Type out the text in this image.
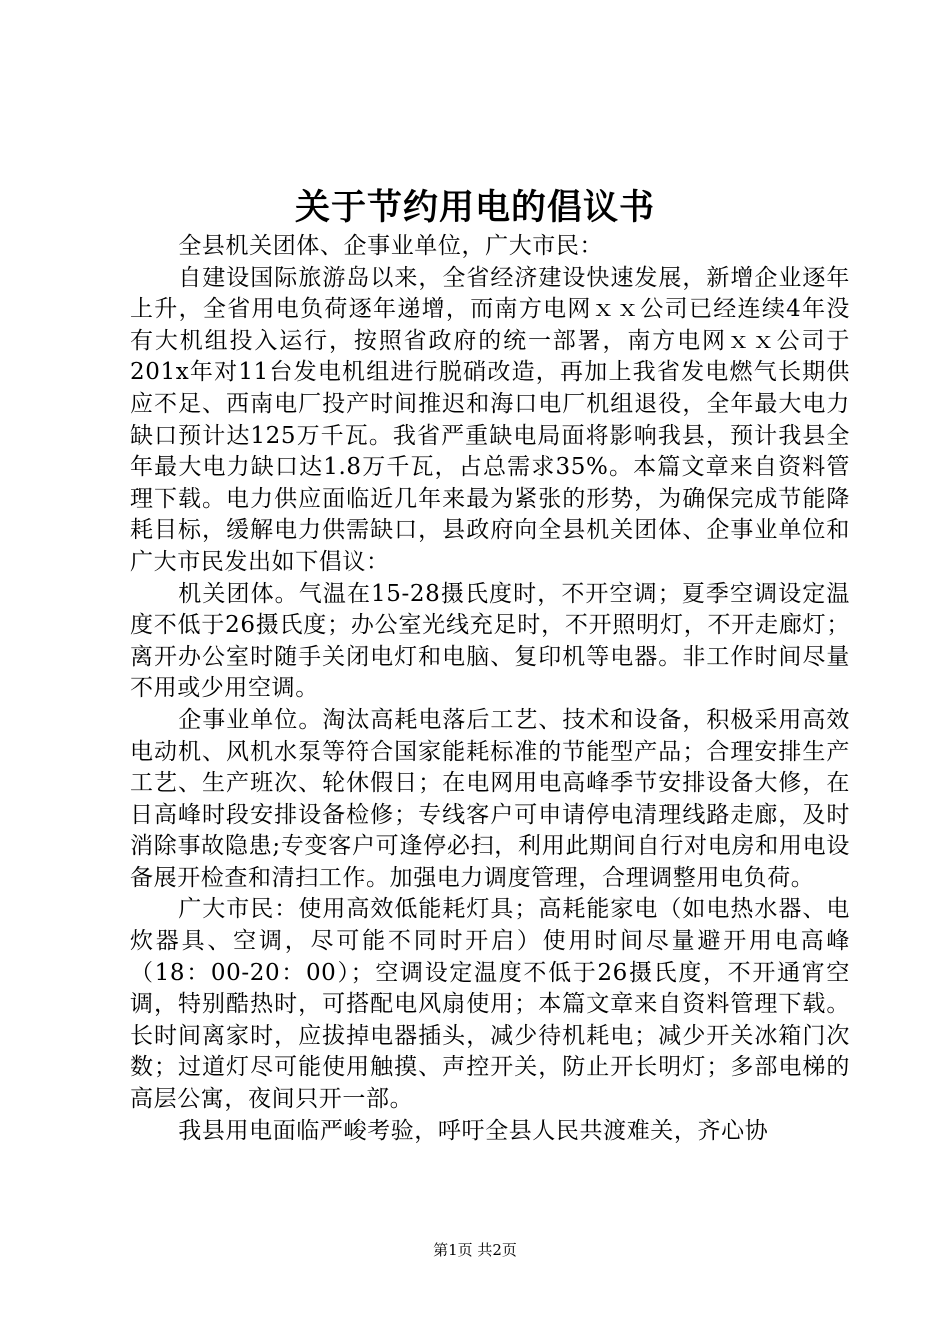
关于节约用电的倡议书

全县机关团体、企事业单位，广大市民：

自建设国际旅游岛以来，全省经济建设快速发展，新增企业逐年上升，全省用电负荷逐年递增，而南方电网ｘｘ公司已经连续4年没有大机组投入运行，按照省政府的统一部署，南方电网ｘｘ公司于201x年对11台发电机组进行脱硝改造，再加上我省发电燃气长期供应不足、西南电厂投产时间推迟和海口电厂机组退役，全年最大电力缺口预计达125万千瓦。我省严重缺电局面将影响我县，预计我县全年最大电力缺口达1.8万千瓦，占总需求35%。本篇文章来自资料管理下载。电力供应面临近几年来最为紧张的形势，为确保完成节能降耗目标，缓解电力供需缺口，县政府向全县机关团体、企事业单位和广大市民发出如下倡议：

机关团体。气温在15-28摄氏度时，不开空调；夏季空调设定温度不低于26摄氏度；办公室光线充足时，不开照明灯，不开走廊灯；离开办公室时随手关闭电灯和电脑、复印机等电器。非工作时间尽量不用或少用空调。

企事业单位。淘汰高耗电落后工艺、技术和设备，积极采用高效电动机、风机水泵等符合国家能耗标准的节能型产品；合理安排生产工艺、生产班次、轮休假日；在电网用电高峰季节安排设备大修，在日高峰时段安排设备检修；专线客户可申请停电清理线路走廊，及时消除事故隐患;专变客户可逢停必扫，利用此期间自行对电房和用电设备展开检查和清扫工作。加强电力调度管理，合理调整用电负荷。

广大市民：使用高效低能耗灯具；高耗能家电（如电热水器、电炊器具、空调，尽可能不同时开启）使用时间尽量避开用电高峰（18：00-20：00）；空调设定温度不低于26摄氏度，不开通宵空调，特别酷热时，可搭配电风扇使用；本篇文章来自资料管理下载。长时间离家时，应拔掉电器插头，减少待机耗电；减少开关冰箱门次数；过道灯尽可能使用触摸、声控开关，防止开长明灯；多部电梯的高层公寓，夜间只开一部。

我县用电面临严峻考验，呼吁全县人民共渡难关，齐心协

第1页 共2页
